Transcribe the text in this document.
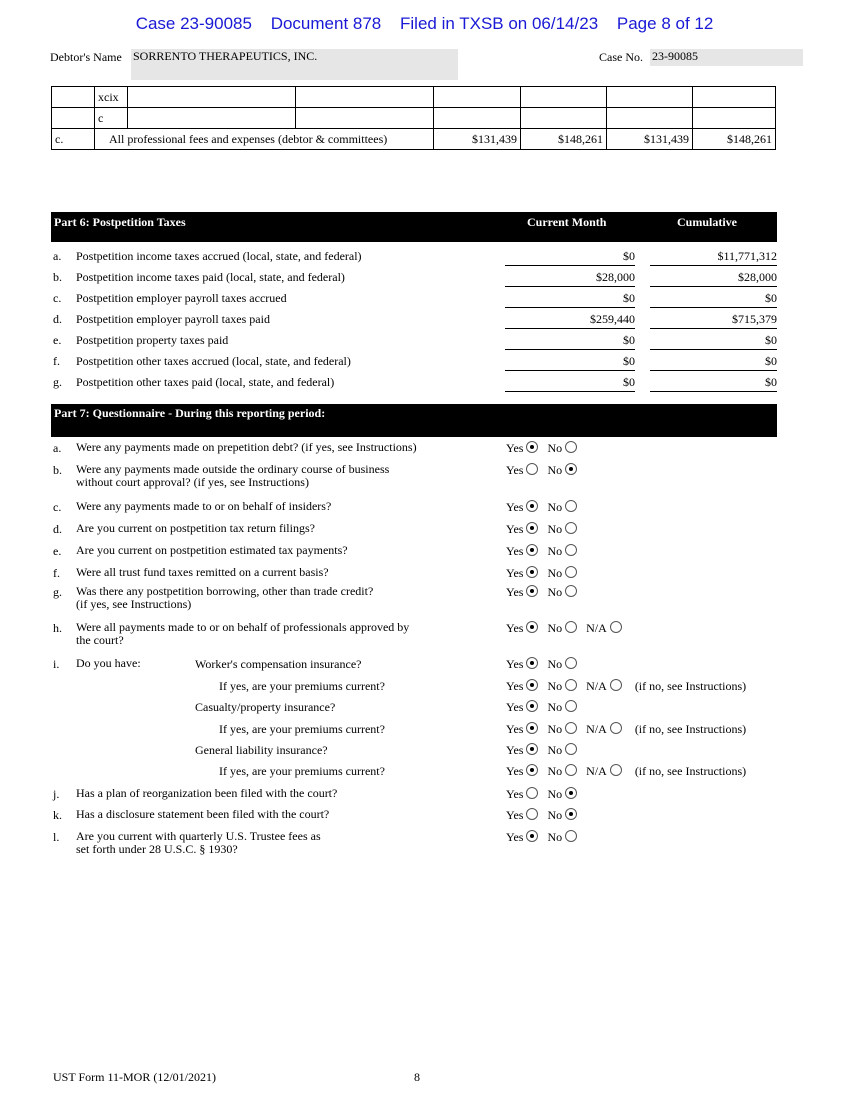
Case 23-90085 Document 878 Filed in TXSB on 06/14/23 Page 8 of 12
Debtor's Name SORRENTO THERAPEUTICS, INC.	Case No. 23-90085
	xcix						
	c						
c.	All professional fees and expenses (debtor & committees)			$131,439	$148,261	$131,439	$148,261
Part 6: Postpetition Taxes	Current Month	Cumulative
a. Postpetition income taxes accrued (local, state, and federal)	$0	$11,771,312
b. Postpetition income taxes paid (local, state, and federal)	$28,000	$28,000
c. Postpetition employer payroll taxes accrued	$0	$0
d. Postpetition employer payroll taxes paid	$259,440	$715,379
e. Postpetition property taxes paid	$0	$0
f. Postpetition other taxes accrued (local, state, and federal)	$0	$0
g. Postpetition other taxes paid (local, state, and federal)	$0	$0
Part 7: Questionnaire - During this reporting period:
a. Were any payments made on prepetition debt? (if yes, see Instructions)	Yes No
b. Were any payments made outside the ordinary course of business
without court approval? (if yes, see Instructions)
Yes No
c. Were any payments made to or on behalf of insiders?	Yes No
d. Are you current on postpetition tax return filings?	Yes No
e. Are you current on postpetition estimated tax payments?	Yes No
f. Were all trust fund taxes remitted on a current basis?	Yes No
g. Was there any postpetition borrowing, other than trade credit?
(if yes, see Instructions)
Yes No
h. Were all payments made to or on behalf of professionals approved by
the court?
Yes No N/A
i. Do you have:	Worker's compensation insurance?	Yes No
If yes, are your premiums current?	Yes No N/A (if no, see Instructions)
Casualty/property insurance?	Yes No
If yes, are your premiums current?	Yes No N/A (if no, see Instructions)
General liability insurance?	Yes No
If yes, are your premiums current?	Yes No N/A (if no, see Instructions)
j. Has a plan of reorganization been filed with the court?	Yes No
k. Has a disclosure statement been filed with the court?	Yes No
l. Are you current with quarterly U.S. Trustee fees as
set forth under 28 U.S.C. § 1930?
Yes No
UST Form 11-MOR (12/01/2021)	8
